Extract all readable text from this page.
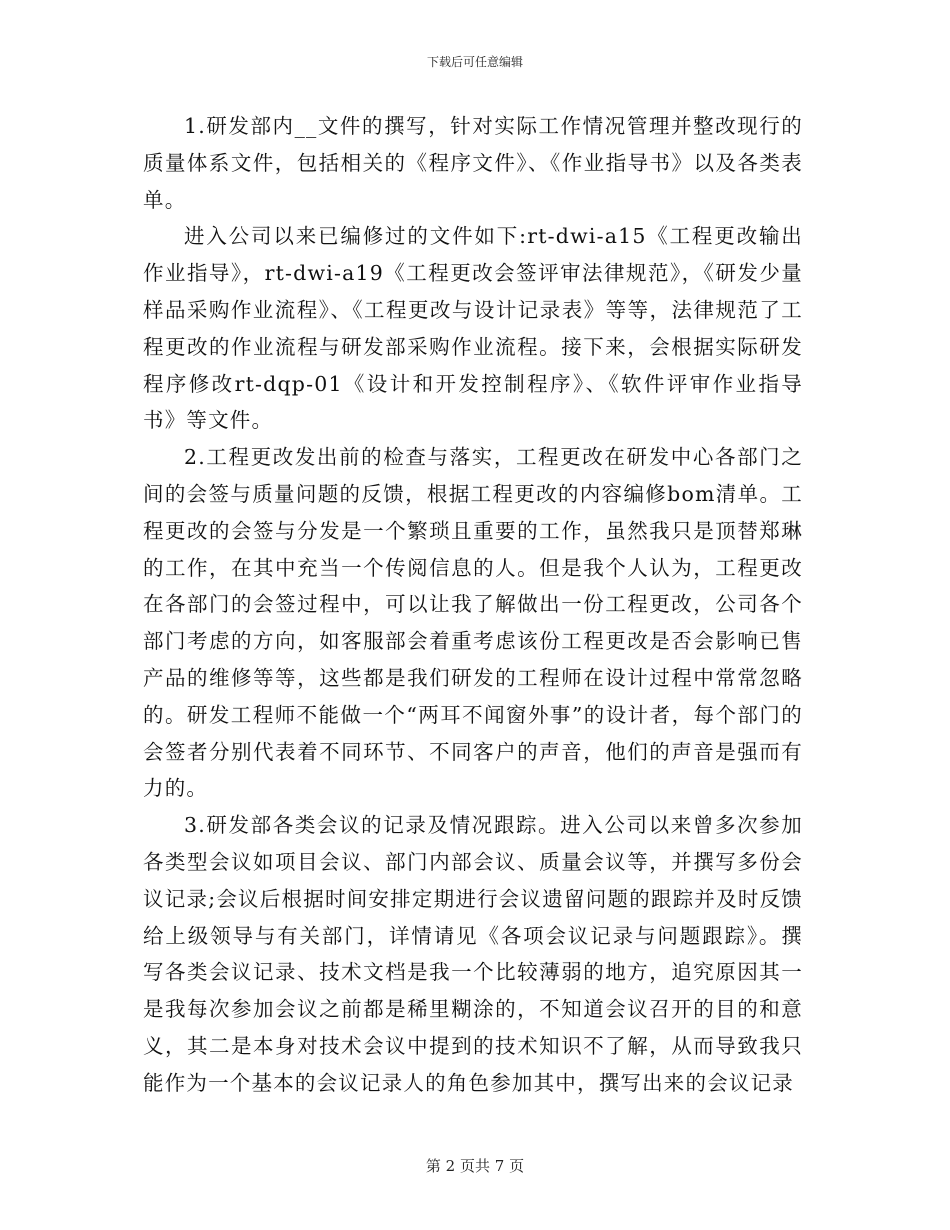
下载后可任意编辑

1.研发部内__文件的撰写，针对实际工作情况管理并整改现行的质量体系文件，包括相关的《程序文件》、《作业指导书》以及各类表单。

进入公司以来已编修过的文件如下:rt-dwi-a15《工程更改输出作业指导》，rt-dwi-a19《工程更改会签评审法律规范》，《研发少量样品采购作业流程》、《工程更改与设计记录表》等等，法律规范了工程更改的作业流程与研发部采购作业流程。接下来，会根据实际研发程序修改rt-dqp-01《设计和开发控制程序》、《软件评审作业指导书》等文件。

2.工程更改发出前的检查与落实，工程更改在研发中心各部门之间的会签与质量问题的反馈，根据工程更改的内容编修bom清单。工程更改的会签与分发是一个繁琐且重要的工作，虽然我只是顶替郑琳的工作，在其中充当一个传阅信息的人。但是我个人认为，工程更改在各部门的会签过程中，可以让我了解做出一份工程更改，公司各个部门考虑的方向，如客服部会着重考虑该份工程更改是否会影响已售产品的维修等等，这些都是我们研发的工程师在设计过程中常常忽略的。研发工程师不能做一个“两耳不闻窗外事”的设计者，每个部门的会签者分别代表着不同环节、不同客户的声音，他们的声音是强而有力的。

3.研发部各类会议的记录及情况跟踪。进入公司以来曾多次参加各类型会议如项目会议、部门内部会议、质量会议等，并撰写多份会议记录;会议后根据时间安排定期进行会议遗留问题的跟踪并及时反馈给上级领导与有关部门，详情请见《各项会议记录与问题跟踪》。撰写各类会议记录、技术文档是我一个比较薄弱的地方，追究原因其一是我每次参加会议之前都是稀里糊涂的，不知道会议召开的目的和意义，其二是本身对技术会议中提到的技术知识不了解，从而导致我只能作为一个基本的会议记录人的角色参加其中，撰写出来的会议记录

第 2 页共 7 页
